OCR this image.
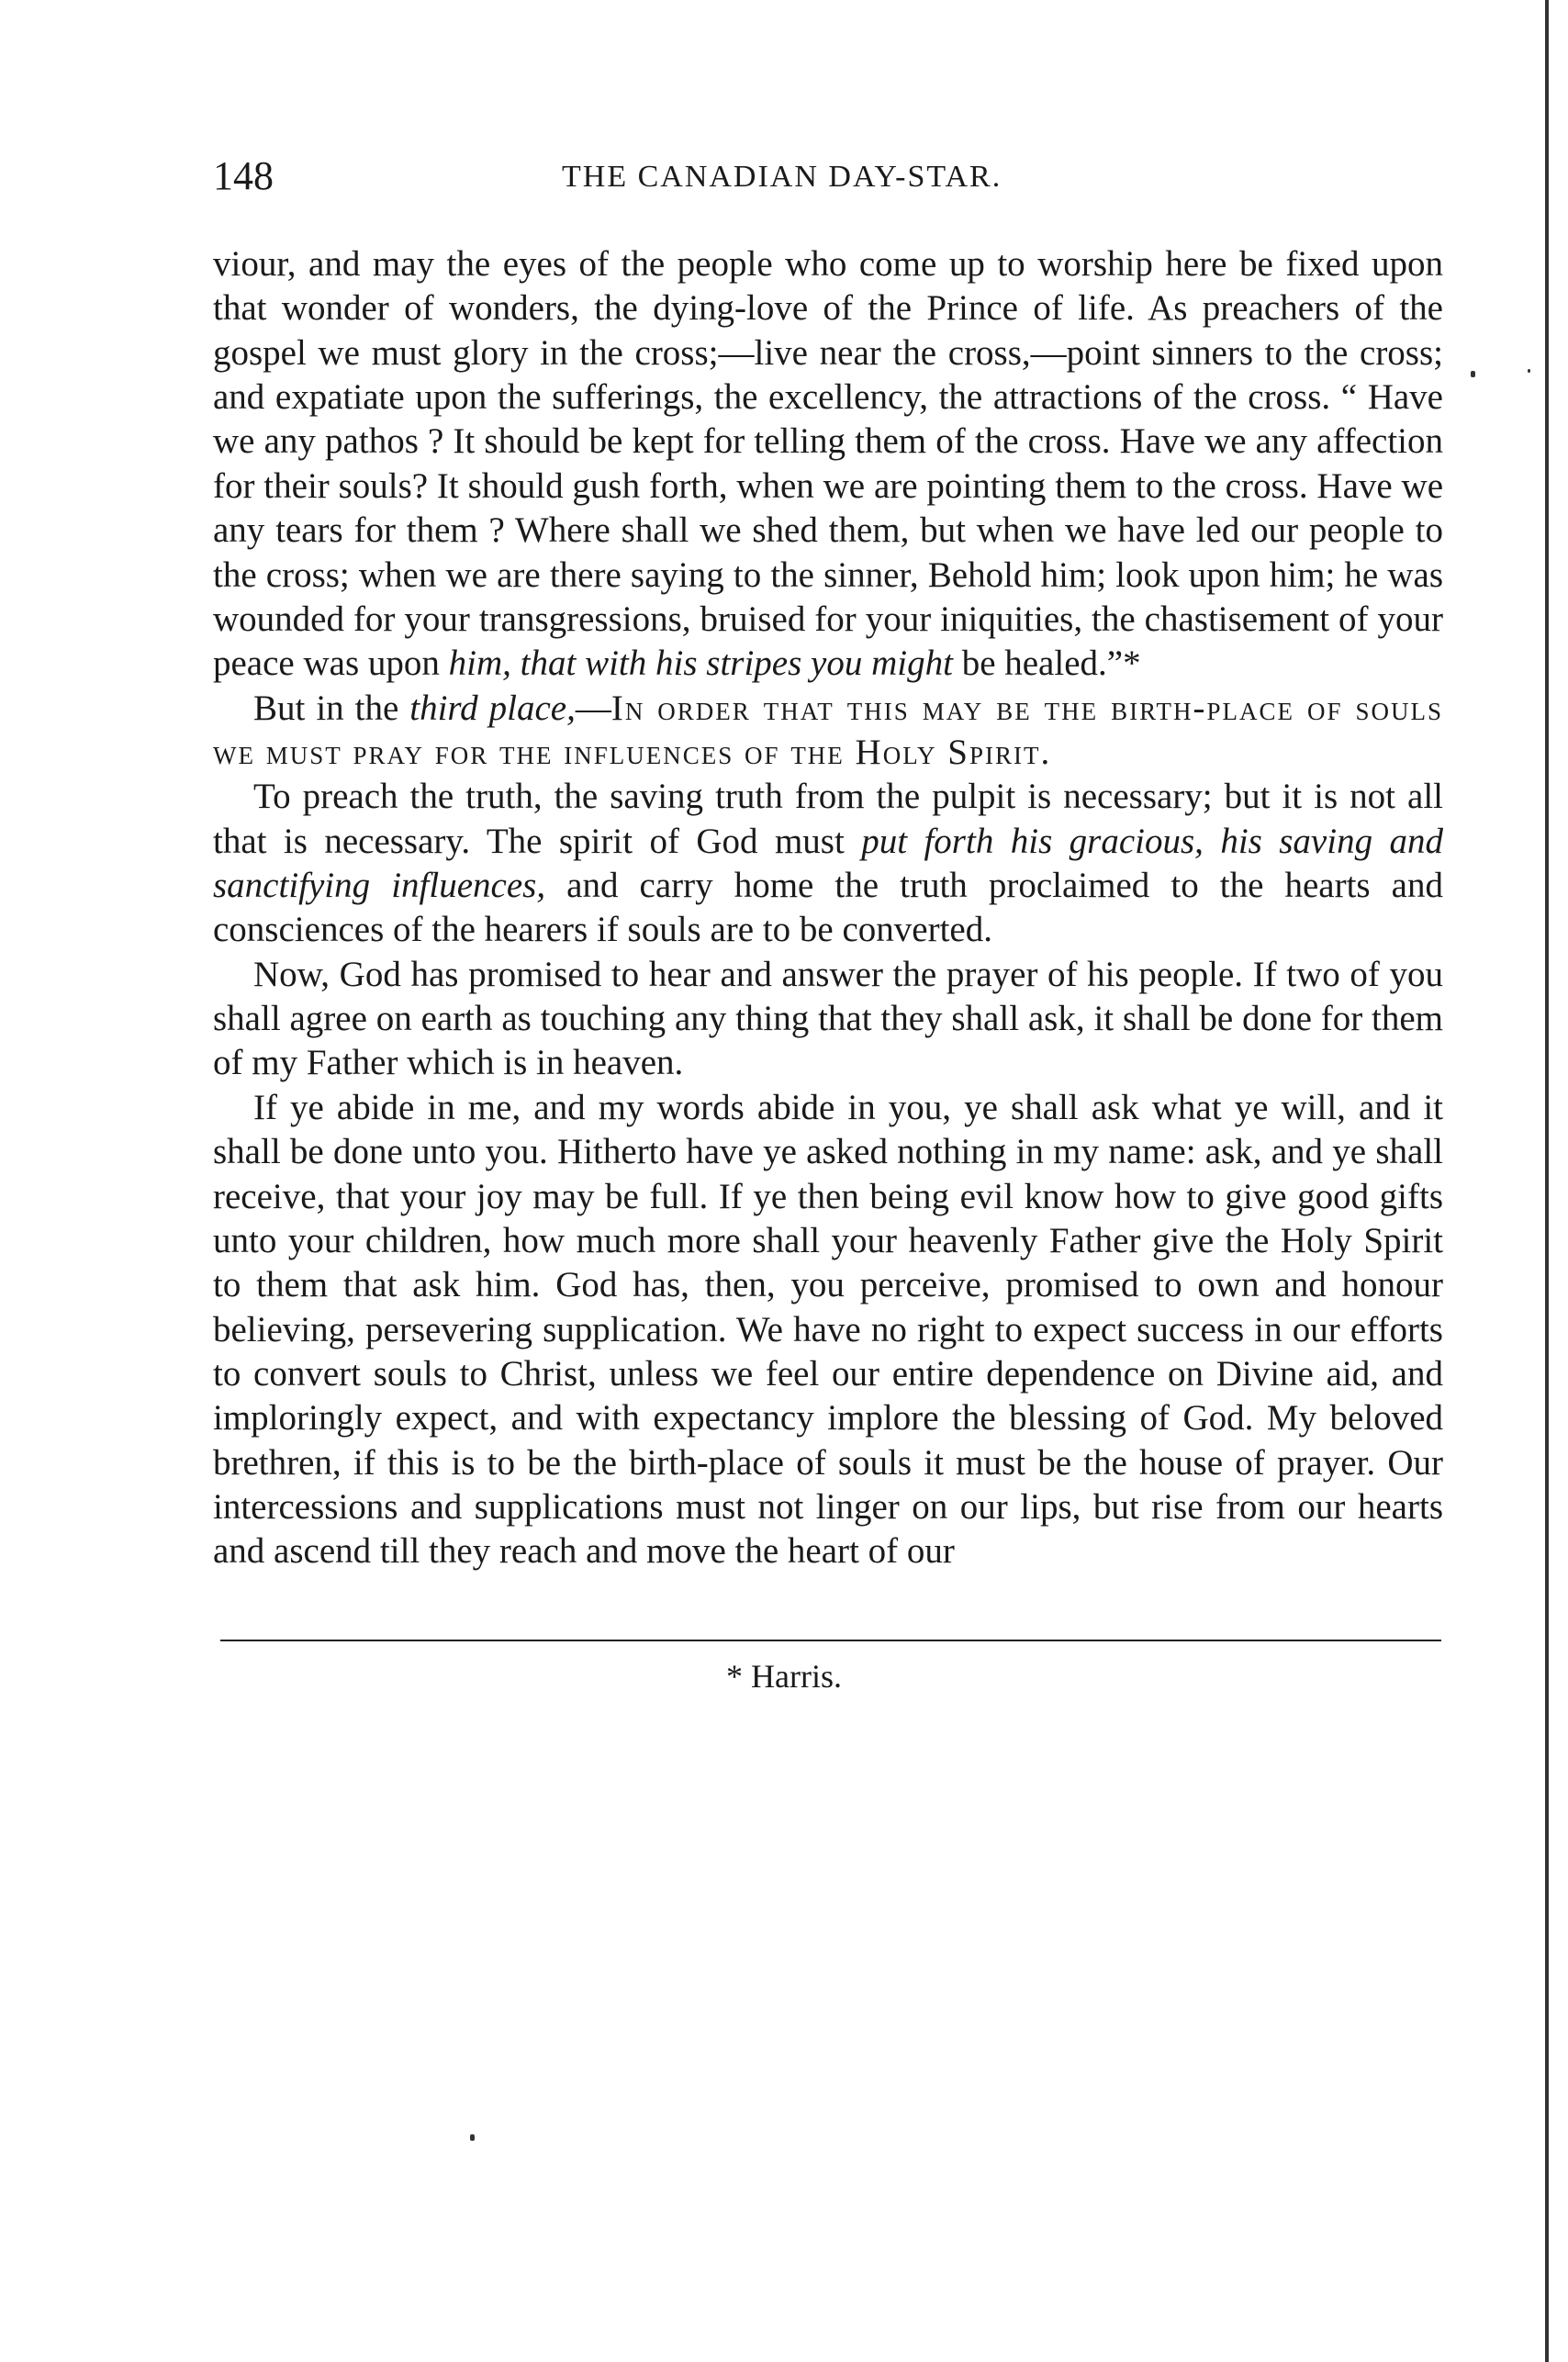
148	THE CANADIAN DAY-STAR.

viour, and may the eyes of the people who come up to worship here be fixed upon that wonder of wonders, the dying-love of the Prince of life. As preachers of the gospel we must glory in the cross;—live near the cross,—point sinners to the cross; and expatiate upon the sufferings, the excellency, the attractions of the cross. “ Have we any pathos ? It should be kept for telling them of the cross. Have we any affection for their souls? It should gush forth, when we are pointing them to the cross. Have we any tears for them ? Where shall we shed them, but when we have led our people to the cross; when we are there saying to the sinner, Behold him; look upon him; he was wounded for your transgressions, bruised for your iniquities, the chastisement of your peace was upon him, that with his stripes you might be healed.”*

But in the third place,—In order that this may be the birth-place of souls we must pray for the influences of the Holy Spirit.

To preach the truth, the saving truth from the pulpit is necessary; but it is not all that is necessary. The spirit of God must put forth his gracious, his saving and sanctifying influences, and carry home the truth proclaimed to the hearts and consciences of the hearers if souls are to be converted.

Now, God has promised to hear and answer the prayer of his people. If two of you shall agree on earth as touching any thing that they shall ask, it shall be done for them of my Father which is in heaven.

If ye abide in me, and my words abide in you, ye shall ask what ye will, and it shall be done unto you. Hitherto have ye asked nothing in my name: ask, and ye shall receive, that your joy may be full. If ye then being evil know how to give good gifts unto your children, how much more shall your heavenly Father give the Holy Spirit to them that ask him. God has, then, you perceive, promised to own and honour believing, persevering supplication. We have no right to expect success in our efforts to convert souls to Christ, unless we feel our entire dependence on Divine aid, and imploringly expect, and with expectancy implore the blessing of God. My beloved brethren, if this is to be the birth-place of souls it must be the house of prayer. Our intercessions and supplications must not linger on our lips, but rise from our hearts and ascend till they reach and move the heart of our

* Harris.
